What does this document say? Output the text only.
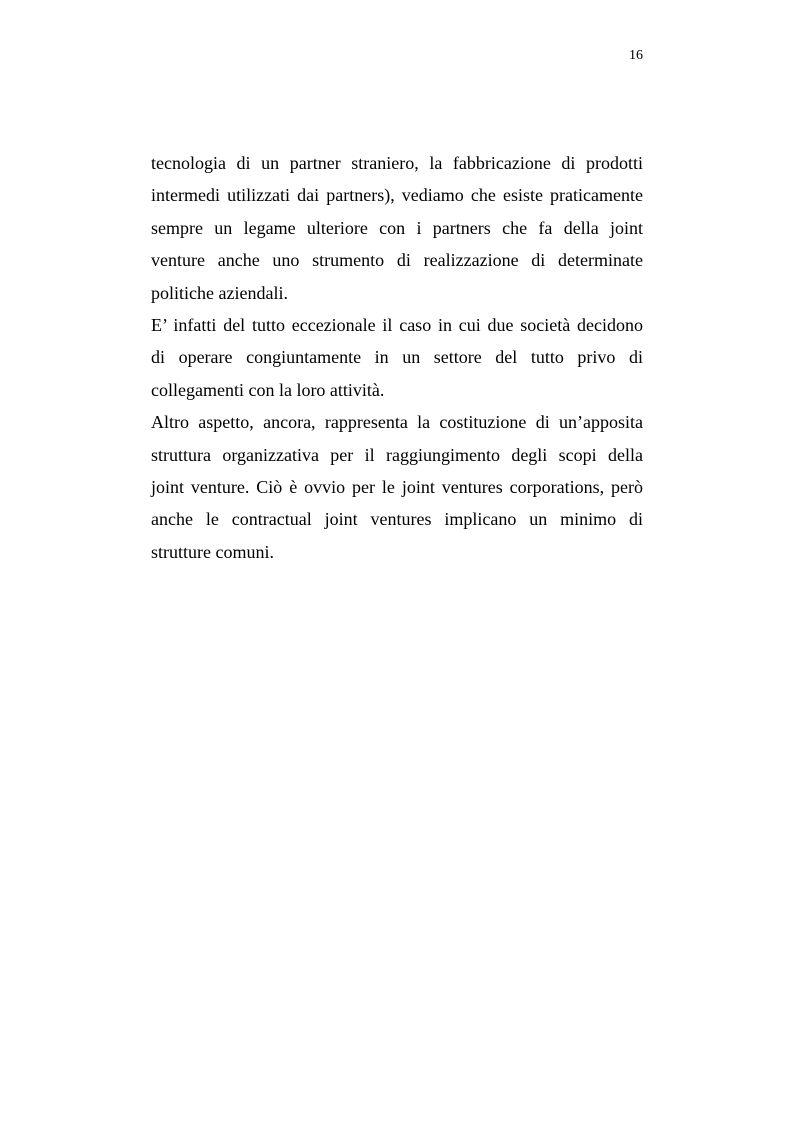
16

tecnologia di un partner straniero, la fabbricazione di prodotti
intermedi utilizzati dai partners), vediamo che esiste praticamente
sempre un legame ulteriore con i partners che fa della joint
venture anche uno strumento di realizzazione di determinate
politiche aziendali.

E’ infatti del tutto eccezionale il caso in cui due società decidono
di operare congiuntamente in un settore del tutto privo di
collegamenti con la loro attività.

Altro aspetto, ancora, rappresenta la costituzione di un’apposita
struttura organizzativa per il raggiungimento degli scopi della
joint venture. Ciò è ovvio per le joint ventures corporations, però
anche le contractual joint ventures implicano un minimo di
strutture comuni.
